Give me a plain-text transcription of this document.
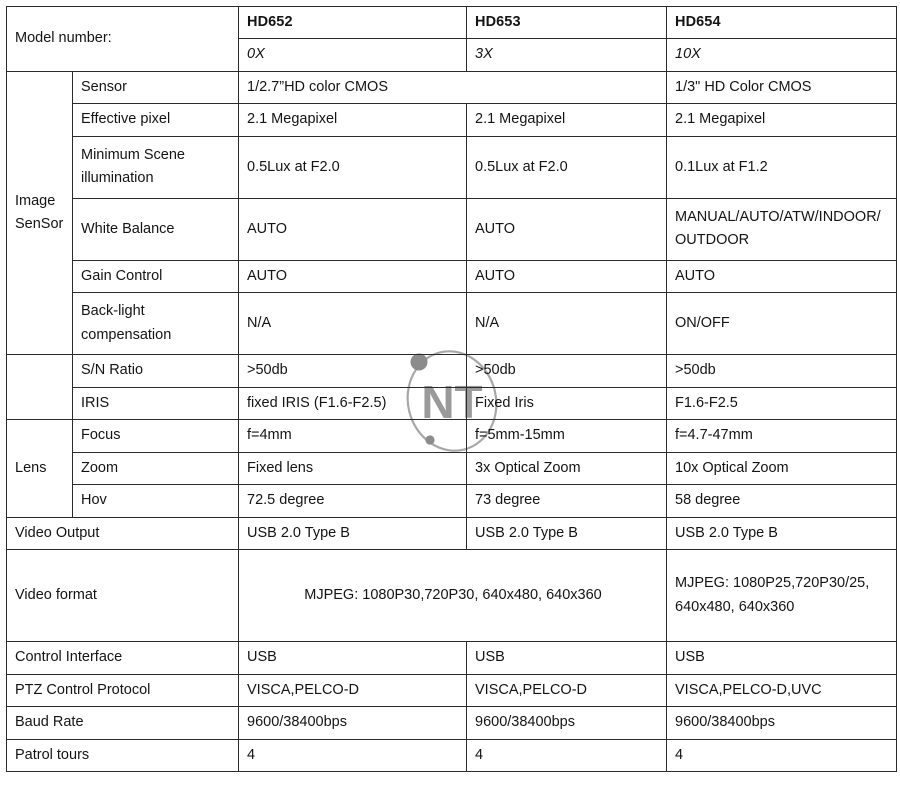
NT
Model number:		HD652	HD653	HD654
		0X	3X	10X

Image SenSor	Sensor	1/2.7”HD color CMOS		1/3" HD Color CMOS
	Effective pixel	2.1 Megapixel	2.1 Megapixel	2.1 Megapixel
	Minimum Scene illumination	0.5Lux at F2.0	0.5Lux at F2.0	0.1Lux at F1.2
	White Balance	AUTO	AUTO	MANUAL/AUTO/ATW/INDOOR/OUTDOOR
	Gain Control	AUTO	AUTO	AUTO
	Back-light compensation	N/A	N/A	ON/OFF
	S/N Ratio	>50db	>50db	>50db
	IRIS	fixed IRIS (F1.6-F2.5)	Fixed Iris	F1.6-F2.5

Lens	Focus	f=4mm	f=5mm-15mm	f=4.7-47mm
	Zoom	Fixed lens	3x Optical Zoom	10x Optical Zoom
	Hov	72.5 degree	73 degree	58 degree
Video Output		USB 2.0 Type B	USB 2.0 Type B	USB 2.0 Type B
Video format		MJPEG: 1080P30,720P30, 640x480, 640x360		MJPEG: 1080P25,720P30/25, 640x480, 640x360
Control Interface		USB	USB	USB
PTZ Control Protocol		VISCA,PELCO-D	VISCA,PELCO-D	VISCA,PELCO-D,UVC
Baud Rate		9600/38400bps	9600/38400bps	9600/38400bps
Patrol tours		4	4	4
